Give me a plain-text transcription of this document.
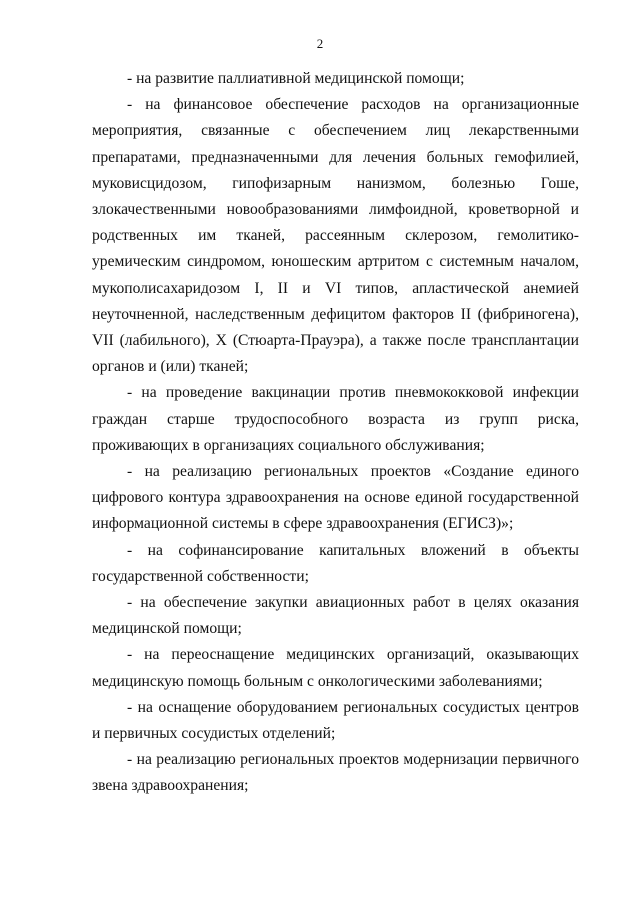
2

- на развитие паллиативной медицинской помощи;

- на финансовое обеспечение расходов на организационные мероприятия, связанные с обеспечением лиц лекарственными препаратами, предназначенными для лечения больных гемофилией, муковисцидозом, гипофизарным нанизмом, болезнью Гоше, злокачественными новообразованиями лимфоидной, кроветворной и родственных им тканей, рассеянным склерозом, гемолитико-уремическим синдромом, юношеским артритом с системным началом, мукополисахаридозом I, II и VI типов, апластической анемией неуточненной, наследственным дефицитом факторов II (фибриногена), VII (лабильного), X (Стюарта-Прауэра), а также после трансплантации органов и (или) тканей;

- на проведение вакцинации против пневмококковой инфекции граждан старше трудоспособного возраста из групп риска, проживающих в организациях социального обслуживания;

- на реализацию региональных проектов «Создание единого цифрового контура здравоохранения на основе единой государственной информационной системы в сфере здравоохранения (ЕГИСЗ)»;

- на софинансирование капитальных вложений в объекты государственной собственности;

- на обеспечение закупки авиационных работ в целях оказания медицинской помощи;

- на переоснащение медицинских организаций, оказывающих медицинскую помощь больным с онкологическими заболеваниями;

- на оснащение оборудованием региональных сосудистых центров и первичных сосудистых отделений;

- на реализацию региональных проектов модернизации первичного звена здравоохранения;
